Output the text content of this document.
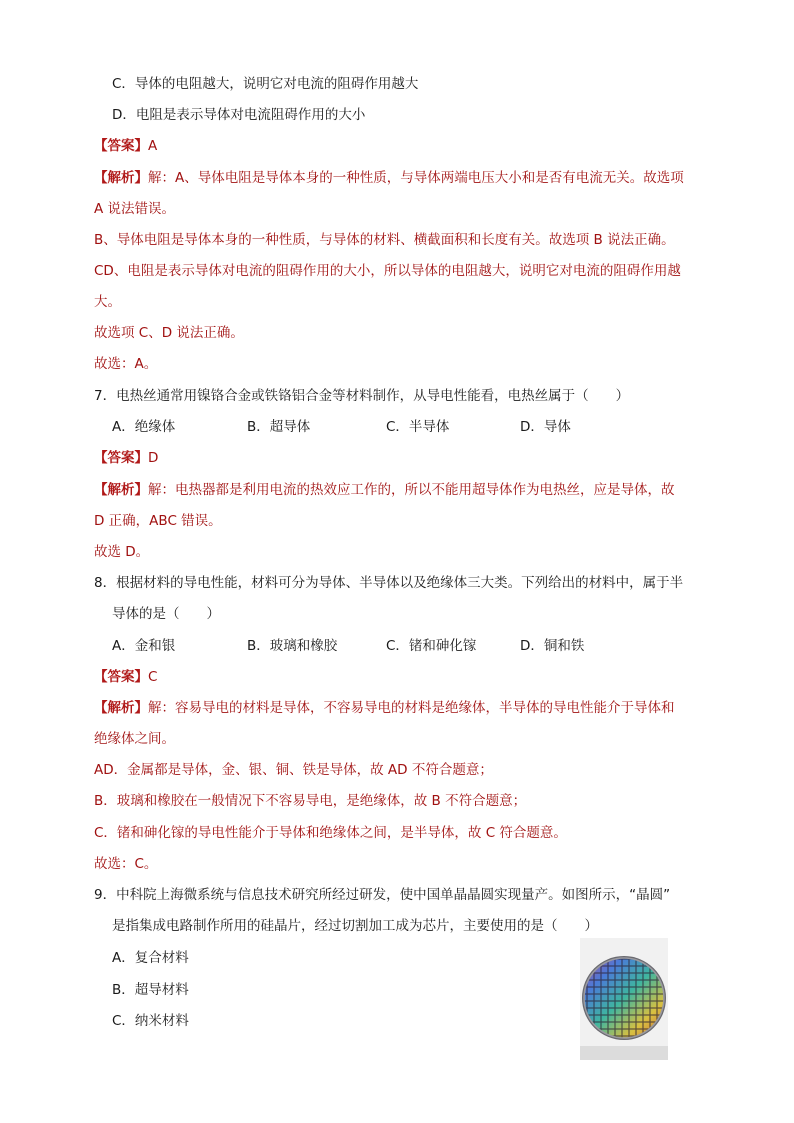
C．导体的电阻越大，说明它对电流的阻碍作用越大
D．电阻是表示导体对电流阻碍作用的大小
【答案】A
【解析】解：A、导体电阻是导体本身的一种性质，与导体两端电压大小和是否有电流无关。故选项
A 说法错误。
B、导体电阻是导体本身的一种性质，与导体的材料、横截面积和长度有关。故选项 B 说法正确。
CD、电阻是表示导体对电流的阻碍作用的大小，所以导体的电阻越大，说明它对电流的阻碍作用越
大。
故选项 C、D 说法正确。
故选：A。
7．电热丝通常用镍铬合金或铁铬铝合金等材料制作，从导电性能看，电热丝属于（　　）
A．绝缘体	B．超导体	C．半导体	D．导体
【答案】D
【解析】解：电热器都是利用电流的热效应工作的，所以不能用超导体作为电热丝，应是导体，故
D 正确，ABC 错误。
故选 D。
8．根据材料的导电性能，材料可分为导体、半导体以及绝缘体三大类。下列给出的材料中，属于半
导体的是（　　）
A．金和银	B．玻璃和橡胶	C．锗和砷化镓	D．铜和铁
【答案】C
【解析】解：容易导电的材料是导体，不容易导电的材料是绝缘体，半导体的导电性能介于导体和
绝缘体之间。
AD．金属都是导体，金、银、铜、铁是导体，故 AD 不符合题意；
B．玻璃和橡胶在一般情况下不容易导电，是绝缘体，故 B 不符合题意；
C．锗和砷化镓的导电性能介于导体和绝缘体之间，是半导体，故 C 符合题意。
故选：C。
9．中科院上海微系统与信息技术研究所经过研发，使中国单晶晶圆实现量产。如图所示，“晶圆”
是指集成电路制作所用的硅晶片，经过切割加工成为芯片，主要使用的是（　　）
A．复合材料
B．超导材料
C．纳米材料
